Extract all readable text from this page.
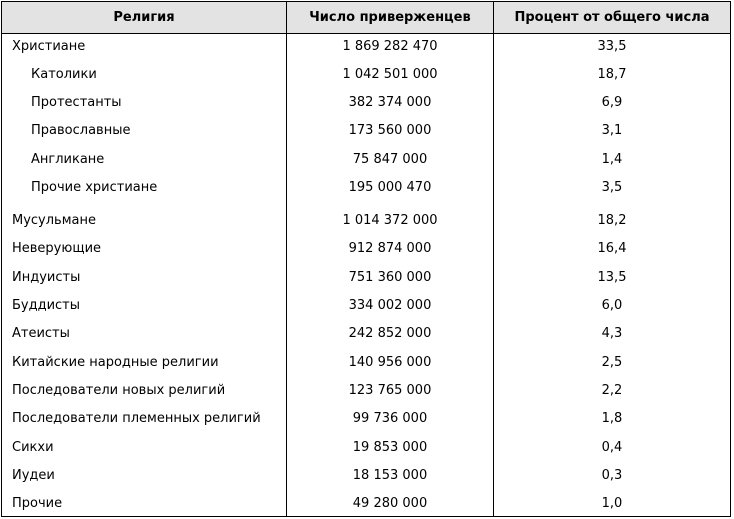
Религия	Число приверженцев	Процент от общего числа
Христиане	1 869 282 470	33,5
Католики	1 042 501 000	18,7
Протестанты	382 374 000	6,9
Православные	173 560 000	3,1
Англикане	75 847 000	1,4
Прочие христиане	195 000 470	3,5
Мусульмане	1 014 372 000	18,2
Неверующие	912 874 000	16,4
Индуисты	751 360 000	13,5
Буддисты	334 002 000	6,0
Атеисты	242 852 000	4,3
Китайские народные религии	140 956 000	2,5
Последователи новых религий	123 765 000	2,2
Последователи племенных религий	99 736 000	1,8
Сикхи	19 853 000	0,4
Иудеи	18 153 000	0,3
Прочие	49 280 000	1,0
